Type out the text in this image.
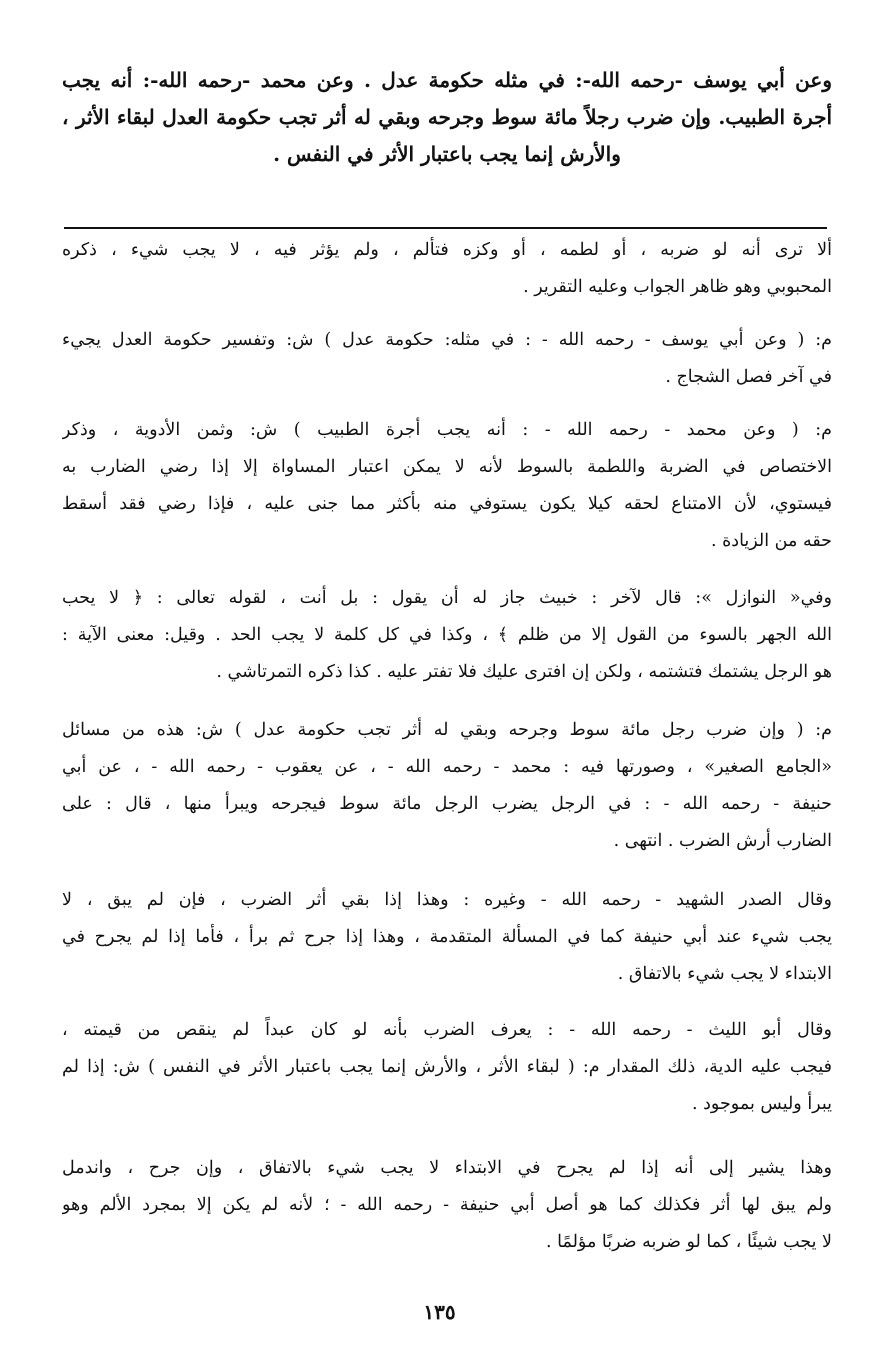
وعن أبي يوسف -رحمه الله-: في مثله حكومة عدل . وعن محمد -رحمه الله-: أنه يجب
أجرة الطبيب. وإن ضرب رجلاً مائة سوط وجرحه وبقي له أثر تجب حكومة العدل لبقاء الأثر ،
والأرش إنما يجب باعتبار الأثر في النفس .
ألا ترى أنه لو ضربه ، أو لطمه ، أو وكزه فتألم ، ولم يؤثر فيه ، لا يجب شيء ، ذكره
المحبوبي وهو ظاهر الجواب وعليه التقرير .
م: ( وعن أبي يوسف - رحمه الله - : في مثله: حكومة عدل ) ش: وتفسير حكومة العدل يجيء
في آخر فصل الشجاج .
م: ( وعن محمد - رحمه الله - : أنه يجب أجرة الطبيب ) ش: وثمن الأدوية ، وذكر
الاختصاص في الضربة واللطمة بالسوط لأنه لا يمكن اعتبار المساواة إلا إذا رضي الضارب به
فيستوي، لأن الامتناع لحقه كيلا يكون يستوفي منه بأكثر مما جنى عليه ، فإذا رضي فقد أسقط
حقه من الزيادة .
وفي« النوازل »: قال لآخر : خبيث جاز له أن يقول : بل أنت ، لقوله تعالى : ﴿ لا يحب
الله الجهر بالسوء من القول إلا من ظلم ﴾ ، وكذا في كل كلمة لا يجب الحد . وقيل: معنى الآية :
هو الرجل يشتمك فتشتمه ، ولكن إن افترى عليك فلا تفتر عليه . كذا ذكره التمرتاشي .
م: ( وإن ضرب رجل مائة سوط وجرحه وبقي له أثر تجب حكومة عدل ) ش: هذه من مسائل
«الجامع الصغير» ، وصورتها فيه : محمد - رحمه الله - ، عن يعقوب - رحمه الله - ، عن أبي
حنيفة - رحمه الله - : في الرجل يضرب الرجل مائة سوط فيجرحه ويبرأ منها ، قال : على
الضارب أرش الضرب . انتهى .
وقال الصدر الشهيد - رحمه الله - وغيره : وهذا إذا بقي أثر الضرب ، فإن لم يبق ، لا
يجب شيء عند أبي حنيفة كما في المسألة المتقدمة ، وهذا إذا جرح ثم برأ ، فأما إذا لم يجرح في
الابتداء لا يجب شيء بالاتفاق .
وقال أبو الليث - رحمه الله - : يعرف الضرب بأنه لو كان عبداً لم ينقص من قيمته ،
فيجب عليه الدية، ذلك المقدار م: ( لبقاء الأثر ، والأرش إنما يجب باعتبار الأثر في النفس ) ش: إذا لم
يبرأ وليس بموجود .
وهذا يشير إلى أنه إذا لم يجرح في الابتداء لا يجب شيء بالاتفاق ، وإن جرح ، واندمل
ولم يبق لها أثر فكذلك كما هو أصل أبي حنيفة - رحمه الله - ؛ لأنه لم يكن إلا بمجرد الألم وهو
لا يجب شيئًا ، كما لو ضربه ضربًا مؤلمًا .
١٣٥
